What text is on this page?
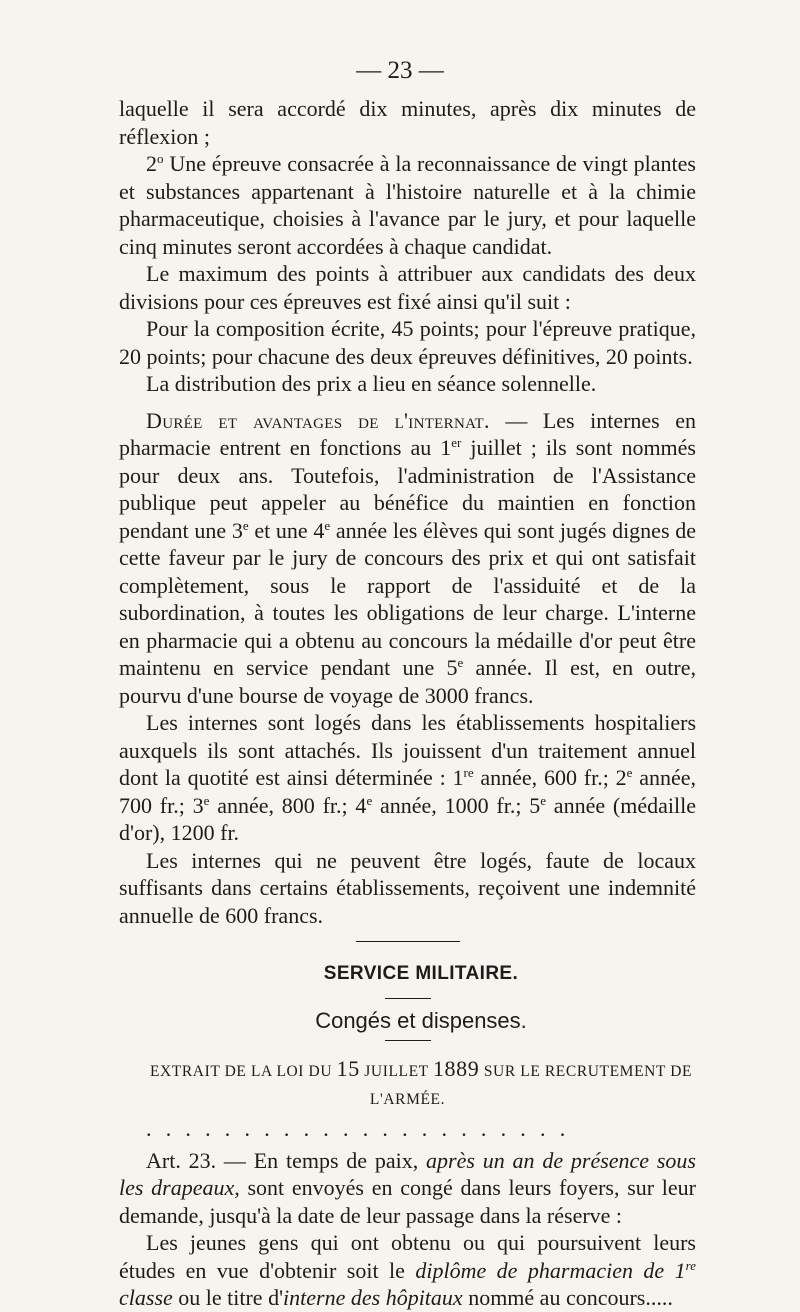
— 23 —

laquelle il sera accordé dix minutes, après dix minutes de réflexion ;

2$^o$ Une épreuve consacrée à la reconnaissance de vingt plantes et substances appartenant à l'histoire naturelle et à la chimie pharmaceutique, choisies à l'avance par le jury, et pour laquelle cinq minutes seront accordées à chaque candidat.

Le maximum des points à attribuer aux candidats des deux divisions pour ces épreuves est fixé ainsi qu'il suit :

Pour la composition écrite, 45 points; pour l'épreuve pratique, 20 points; pour chacune des deux épreuves définitives, 20 points.

La distribution des prix a lieu en séance solennelle.

Durée et avantages de l'internat. — Les internes en pharmacie entrent en fonctions au 1er juillet ; ils sont nommés pour deux ans. Toutefois, l'administration de l'Assistance publique peut appeler au bénéfice du maintien en fonction pendant une 3e et une 4e année les élèves qui sont jugés dignes de cette faveur par le jury de concours des prix et qui ont satisfait complètement, sous le rapport de l'assiduité et de la subordination, à toutes les obligations de leur charge. L'interne en pharmacie qui a obtenu au concours la médaille d'or peut être maintenu en service pendant une 5e année. Il est, en outre, pourvu d'une bourse de voyage de 3000 francs.

Les internes sont logés dans les établissements hospitaliers auxquels ils sont attachés. Ils jouissent d'un traitement annuel dont la quotité est ainsi déterminée : 1re année, 600 fr.; 2e année, 700 fr.; 3e année, 800 fr.; 4e année, 1000 fr.; 5e année (médaille d'or), 1200 fr.

Les internes qui ne peuvent être logés, faute de locaux suffisants dans certains établissements, reçoivent une indemnité annuelle de 600 francs.

SERVICE MILITAIRE.

Congés et dispenses.

EXTRAIT DE LA LOI DU 15 JUILLET 1889 SUR LE RECRUTEMENT DE L'ARMÉE.

......................

Art. 23. — En temps de paix, après un an de présence sous les drapeaux, sont envoyés en congé dans leurs foyers, sur leur demande, jusqu'à la date de leur passage dans la réserve :

Les jeunes gens qui ont obtenu ou qui poursuivent leurs études en vue d'obtenir soit le diplôme de pharmacien de 1re classe ou le titre d'interne des hôpitaux nommé au concours.....
